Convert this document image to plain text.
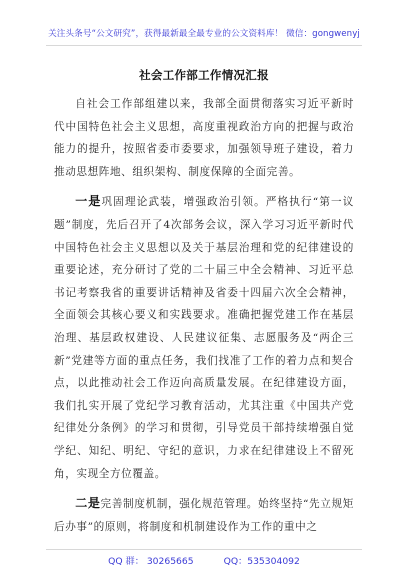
关注头条号“公文研究”，获得最新最全最专业的公文资料库！ 微信：gongwenyj
社会工作部工作情况汇报

自社会工作部组建以来，我部全面贯彻落实习近平新时代中国特色社会主义思想，高度重视政治方向的把握与政治能力的提升，按照省委市委要求，加强领导班子建设，着力推动思想阵地、组织架构、制度保障的全面完善。

一是巩固理论武装，增强政治引领。严格执行“第一议题”制度，先后召开了4次部务会议，深入学习习近平新时代中国特色社会主义思想以及关于基层治理和党的纪律建设的重要论述，充分研讨了党的二十届三中全会精神、习近平总书记考察我省的重要讲话精神及省委十四届六次全会精神，全面领会其核心要义和实践要求。准确把握党建工作在基层治理、基层政权建设、人民建议征集、志愿服务及“两企三新”党建等方面的重点任务，我们找准了工作的着力点和契合点，以此推动社会工作迈向高质量发展。在纪律建设方面，我们扎实开展了党纪学习教育活动，尤其注重《中国共产党纪律处分条例》的学习和贯彻，引导党员干部持续增强自觉学纪、知纪、明纪、守纪的意识，力求在纪律建设上不留死角，实现全方位覆盖。

二是完善制度机制，强化规范管理。始终坚持“先立规矩后办事”的原则，将制度和机制建设作为工作的重中之

QQ 群： 30265665	QQ：535304092
